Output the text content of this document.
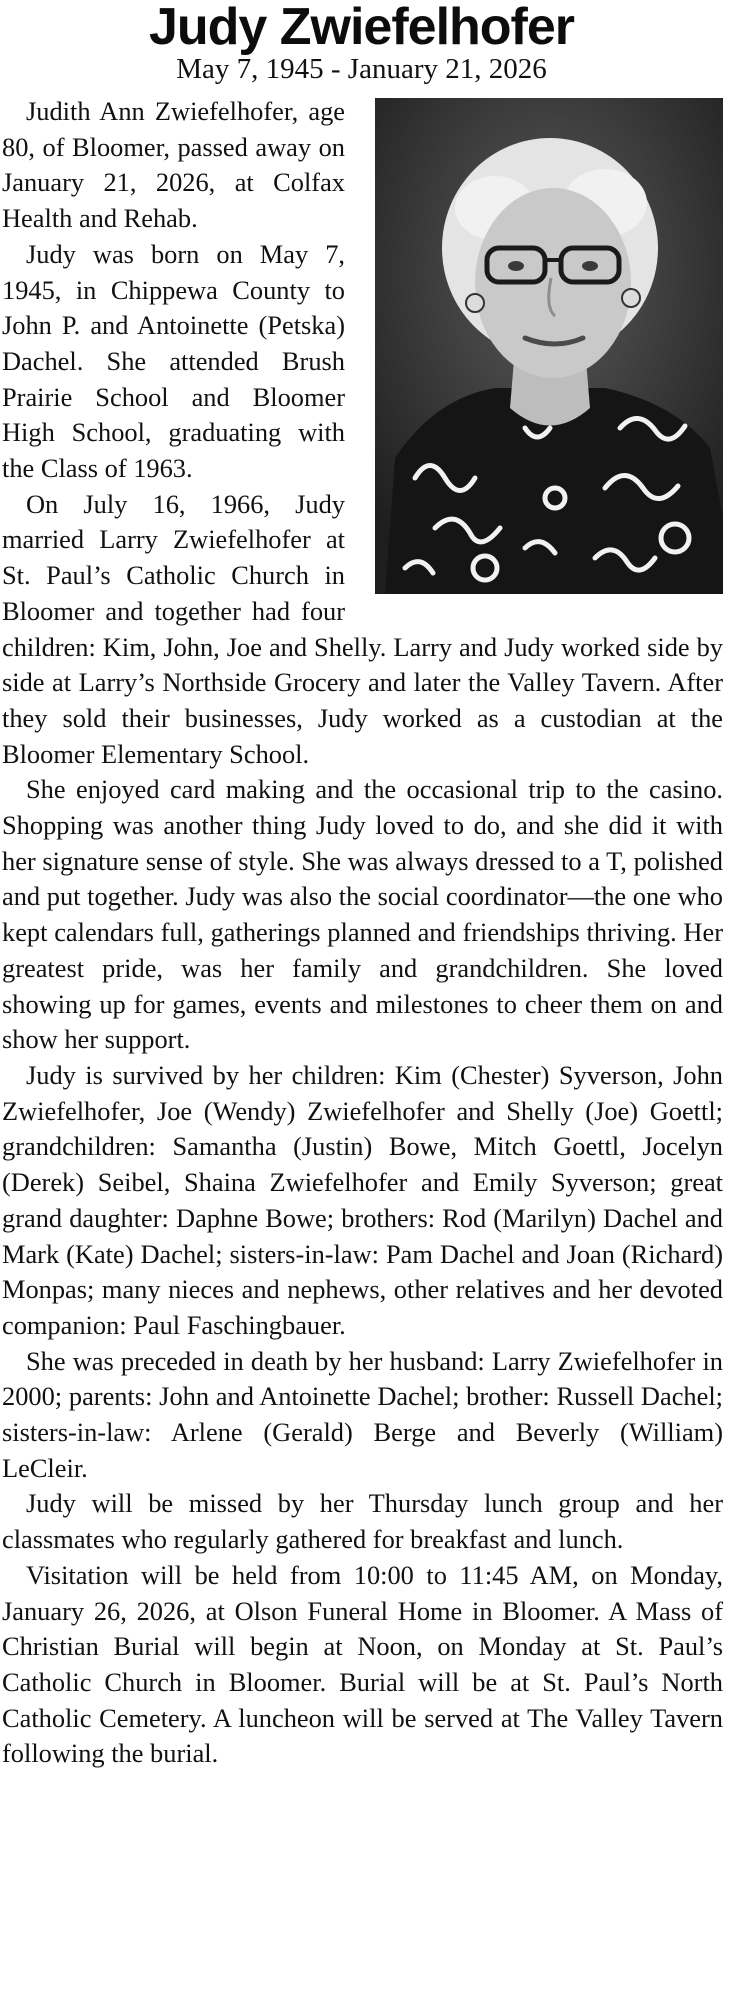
Judy Zwiefelhofer
May 7, 1945 - January 21, 2026

Judith Ann Zwiefelhofer, age 80, of Bloomer, passed away on January 21, 2026, at Colfax Health and Rehab.

Judy was born on May 7, 1945, in Chippewa County to John P. and Antoinette (Petska) Dachel. She attended Brush Prairie School and Bloomer High School, graduating with the Class of 1963.

On July 16, 1966, Judy married Larry Zwiefelhofer at St. Paul’s Catholic Church in Bloomer and together had four children: Kim, John, Joe and Shelly. Larry and Judy worked side by side at Larry’s Northside Grocery and later the Valley Tavern. After they sold their businesses, Judy worked as a custodian at the Bloomer Elementary School.

She enjoyed card making and the occasional trip to the casino. Shopping was another thing Judy loved to do, and she did it with her signature sense of style. She was always dressed to a T, polished and put together. Judy was also the social coordinator—the one who kept calendars full, gatherings planned and friendships thriving. Her greatest pride, was her family and grandchildren. She loved showing up for games, events and milestones to cheer them on and show her support.

Judy is survived by her children: Kim (Chester) Syverson, John Zwiefelhofer, Joe (Wendy) Zwiefelhofer and Shelly (Joe) Goettl; grandchildren: Samantha (Justin) Bowe, Mitch Goettl, Jocelyn (Derek) Seibel, Shaina Zwiefelhofer and Emily Syverson; great grand daughter: Daphne Bowe; brothers: Rod (Marilyn) Dachel and Mark (Kate) Dachel; sisters-in-law: Pam Dachel and Joan (Richard) Monpas; many nieces and nephews, other relatives and her devoted companion: Paul Faschingbauer.

She was preceded in death by her husband: Larry Zwiefelhofer in 2000; parents: John and Antoinette Dachel; brother: Russell Dachel; sisters-in-law: Arlene (Gerald) Berge and Beverly (William) LeCleir.

Judy will be missed by her Thursday lunch group and her classmates who regularly gathered for breakfast and lunch.

Visitation will be held from 10:00 to 11:45 AM, on Monday, January 26, 2026, at Olson Funeral Home in Bloomer. A Mass of Christian Burial will begin at Noon, on Monday at St. Paul’s Catholic Church in Bloomer. Burial will be at St. Paul’s North Catholic Cemetery. A luncheon will be served at The Valley Tavern following the burial.
